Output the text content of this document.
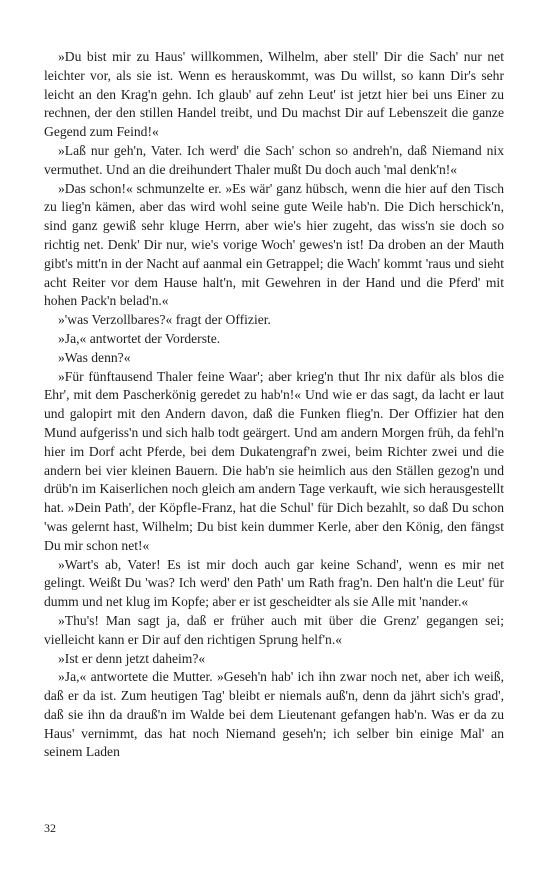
»Du bist mir zu Haus' willkommen, Wilhelm, aber stell' Dir die Sach' nur net leichter vor, als sie ist. Wenn es herauskommt, was Du willst, so kann Dir's sehr leicht an den Krag'n gehn. Ich glaub' auf zehn Leut' ist jetzt hier bei uns Einer zu rechnen, der den stillen Handel treibt, und Du machst Dir auf Lebenszeit die ganze Gegend zum Feind!«

»Laß nur geh'n, Vater. Ich werd' die Sach' schon so andreh'n, daß Niemand nix vermuthet. Und an die dreihundert Thaler mußt Du doch auch 'mal denk'n!«

»Das schon!« schmunzelte er. »Es wär' ganz hübsch, wenn die hier auf den Tisch zu lieg'n kämen, aber das wird wohl seine gute Weile hab'n. Die Dich herschick'n, sind ganz gewiß sehr kluge Herrn, aber wie's hier zugeht, das wiss'n sie doch so richtig net. Denk' Dir nur, wie's vorige Woch' gewes'n ist! Da droben an der Mauth gibt's mitt'n in der Nacht auf aanmal ein Getrappel; die Wach' kommt 'raus und sieht acht Reiter vor dem Hause halt'n, mit Gewehren in der Hand und die Pferd' mit hohen Pack'n belad'n.«

»'was Verzollbares?« fragt der Offizier.

»Ja,« antwortet der Vorderste.

»Was denn?«

»Für fünftausend Thaler feine Waar'; aber krieg'n thut Ihr nix dafür als blos die Ehr', mit dem Pascherkönig geredet zu hab'n!« Und wie er das sagt, da lacht er laut und galopirt mit den Andern davon, daß die Funken flieg'n. Der Offizier hat den Mund aufgeriss'n und sich halb todt geärgert. Und am andern Morgen früh, da fehl'n hier im Dorf acht Pferde, bei dem Dukatengraf'n zwei, beim Richter zwei und die andern bei vier kleinen Bauern. Die hab'n sie heimlich aus den Ställen gezog'n und drüb'n im Kaiserlichen noch gleich am andern Tage verkauft, wie sich herausgestellt hat. »Dein Path', der Köpfle-Franz, hat die Schul' für Dich bezahlt, so daß Du schon 'was gelernt hast, Wilhelm; Du bist kein dummer Kerle, aber den König, den fängst Du mir schon net!«

»Wart's ab, Vater! Es ist mir doch auch gar keine Schand', wenn es mir net gelingt. Weißt Du 'was? Ich werd' den Path' um Rath frag'n. Den halt'n die Leut' für dumm und net klug im Kopfe; aber er ist gescheidter als sie Alle mit 'nander.«

»Thu's! Man sagt ja, daß er früher auch mit über die Grenz' gegangen sei; vielleicht kann er Dir auf den richtigen Sprung helf'n.«

»Ist er denn jetzt daheim?«

»Ja,« antwortete die Mutter. »Geseh'n hab' ich ihn zwar noch net, aber ich weiß, daß er da ist. Zum heutigen Tag' bleibt er niemals auß'n, denn da jährt sich's grad', daß sie ihn da drauß'n im Walde bei dem Lieutenant gefangen hab'n. Was er da zu Haus' vernimmt, das hat noch Niemand geseh'n; ich selber bin einige Mal' an seinem Laden

32
